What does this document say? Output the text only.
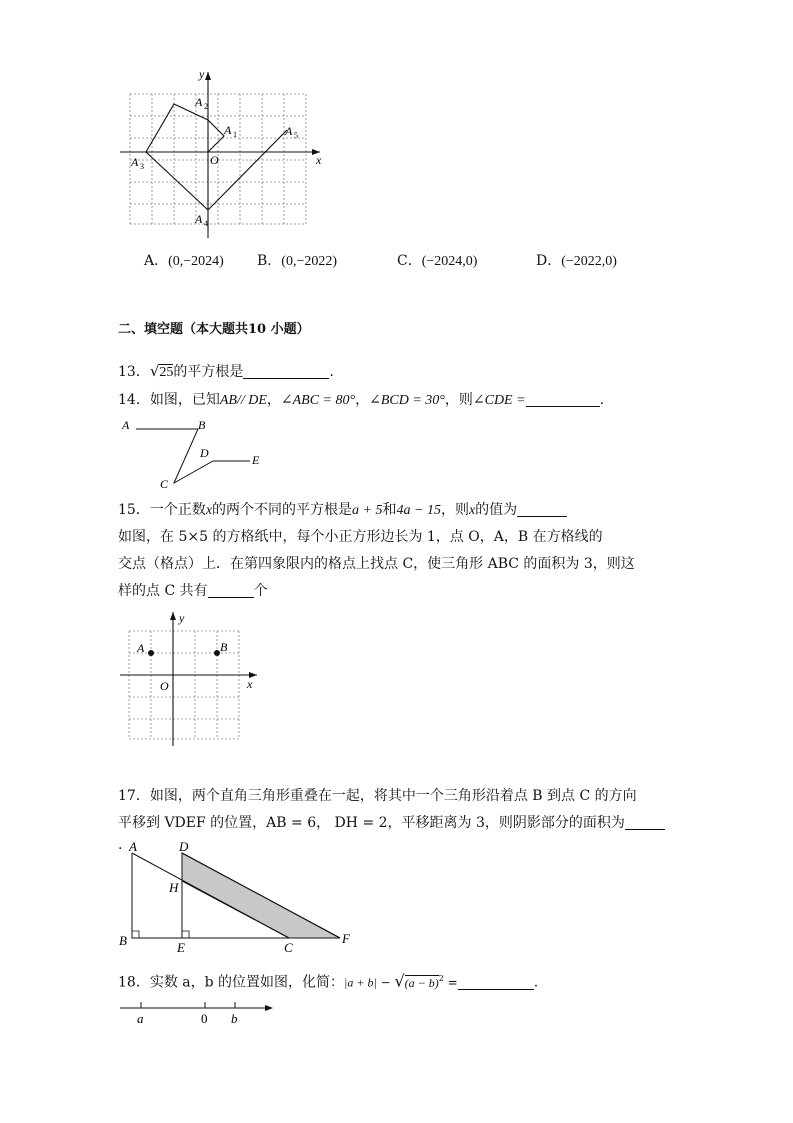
y
x
O
A 1
A 2
A 3
A 4
A 5
A．(0,−2024) B．(0,−2022)	C．(−2024,0)	D．(−2022,0)
二、填空题（本大题共10 小题）
13．√25的平方根是	.
14．如图，已知AB// DE，∠ABC = 80°，∠BCD = 30°，则∠CDE =	.
A	B
C
D	E
15．一个正数x的两个不同的平方根是a + 5和4a − 15，则x的值为
如图，在 5×5 的方格纸中，每个小正方形边长为 1，点 O，A，B 在方格线的
交点（格点）上．在第四象限内的格点上找点 C，使三角形 ABC 的面积为 3，则这
样的点 C 共有	个
y
x
O
A	B
17．如图，两个直角三角形重叠在一起，将其中一个三角形沿着点 B 到点 C 的方向
平移到 VDEF 的位置，AB = 6， DH = 2，平移距离为 3，则阴影部分的面积为
. A	D
H
B	E	C
F
18．实数 a，b 的位置如图，化简：$|a + b| - √(a - b)^2$ =	.
a	0 b
